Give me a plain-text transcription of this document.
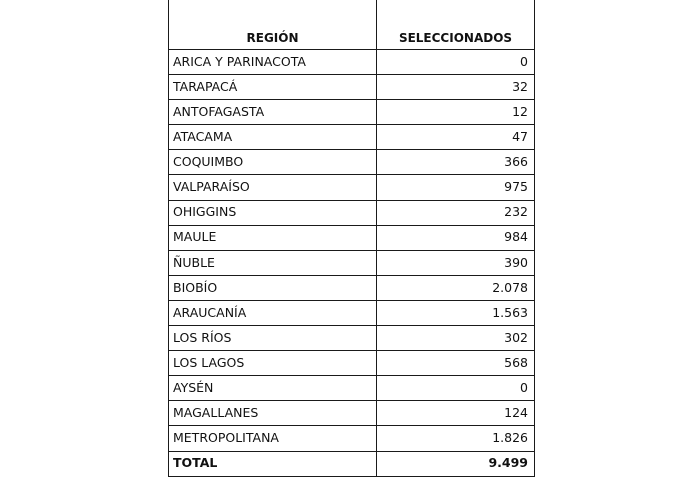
REGIÓN	SELECCIONADOS
ARICA Y PARINACOTA	0
TARAPACÁ	32
ANTOFAGASTA	12
ATACAMA	47
COQUIMBO	366
VALPARAÍSO	975
OHIGGINS	232
MAULE	984
ÑUBLE	390
BIOBÍO	2.078
ARAUCANÍA	1.563
LOS RÍOS	302
LOS LAGOS	568
AYSÉN	0
MAGALLANES	124
METROPOLITANA	1.826
TOTAL	9.499
